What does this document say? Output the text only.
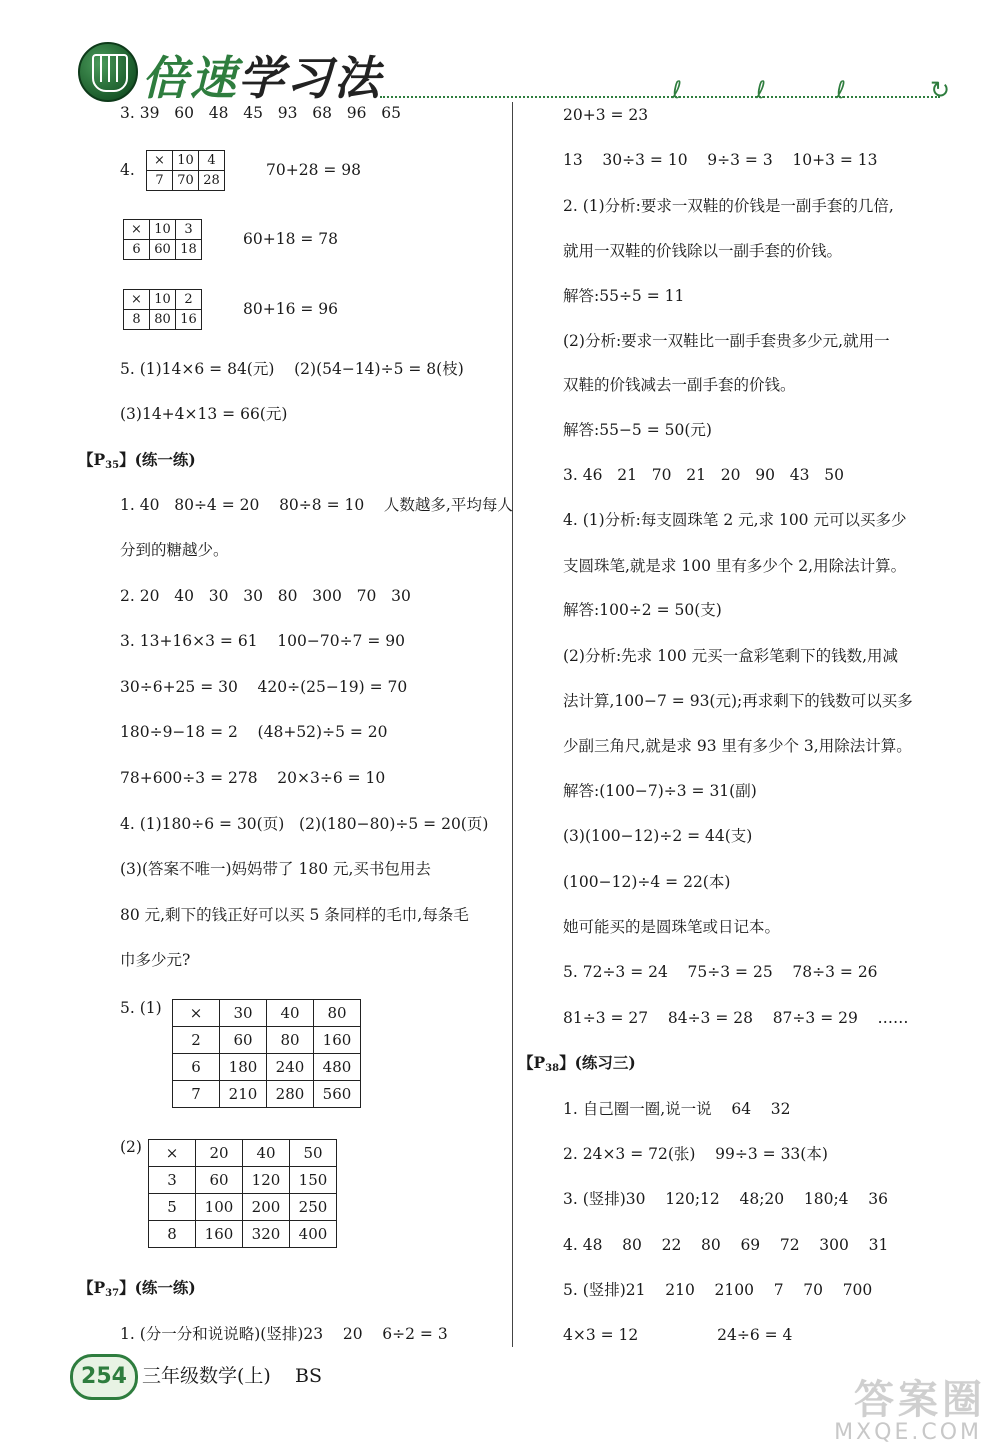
倍速学习法	ℓ	ℓ	ℓ	↻
3. 39   60   48   45   93   68   96   65
4.
×	10	4
7	70	28
70+28 = 98
×	10	3
6	60	18
60+18 = 78
×	10	2
8	80	16
80+16 = 96
5. (1)14×6 = 84(元)    (2)(54−14)÷5 = 8(枝)
(3)14+4×13 = 66(元)
【$P_{35}$】(练一练)
1. 40   80÷4 = 20    80÷8 = 10    人数越多,平均每人
分到的糖越少。
2. 20   40   30   30   80   300   70   30
3. 13+16×3 = 61    100−70÷7 = 90
30÷6+25 = 30    420÷(25−19) = 70
180÷9−18 = 2    (48+52)÷5 = 20
78+600÷3 = 278    20×3÷6 = 10
4. (1)180÷6 = 30(页)   (2)(180−80)÷5 = 20(页)
(3)(答案不唯一)妈妈带了 180 元,买书包用去
80 元,剩下的钱正好可以买 5 条同样的毛巾,每条毛
巾多少元?
5. (1) ×	30	40	80
2	60	80	160
6	180	240	480
7	210	280	560
(2) ×	20	40	50
3	60	120	150
5	100	200	250
8	160	320	400
【$P_{37}$】(练一练)
1. (分一分和说说略)(竖排)23    20    6÷2 = 3
20+3 = 23
13    30÷3 = 10    9÷3 = 3    10+3 = 13
2. (1)分析:要求一双鞋的价钱是一副手套的几倍,
就用一双鞋的价钱除以一副手套的价钱。
解答:55÷5 = 11
(2)分析:要求一双鞋比一副手套贵多少元,就用一
双鞋的价钱减去一副手套的价钱。
解答:55−5 = 50(元)
3. 46   21   70   21   20   90   43   50
4. (1)分析:每支圆珠笔 2 元,求 100 元可以买多少
支圆珠笔,就是求 100 里有多少个 2,用除法计算。
解答:100÷2 = 50(支)
(2)分析:先求 100 元买一盒彩笔剩下的钱数,用减
法计算,100−7 = 93(元);再求剩下的钱数可以买多
少副三角尺,就是求 93 里有多少个 3,用除法计算。
解答:(100−7)÷3 = 31(副)
(3)(100−12)÷2 = 44(支)
(100−12)÷4 = 22(本)
她可能买的是圆珠笔或日记本。
5. 72÷3 = 24    75÷3 = 25    78÷3 = 26
81÷3 = 27    84÷3 = 28    87÷3 = 29    ……
【$P_{38}$】(练习三)
1. 自己圈一圈,说一说    64    32
2. 24×3 = 72(张)    99÷3 = 33(本)
3. (竖排)30    120;12    48;20    180;4    36
4. 48    80    22    80    69    72    300    31
5. (竖排)21    210    2100    7    70    700
4×3 = 12                24÷6 = 4
254 三年级数学(上)    BS
答案圈
MXQE.COM
